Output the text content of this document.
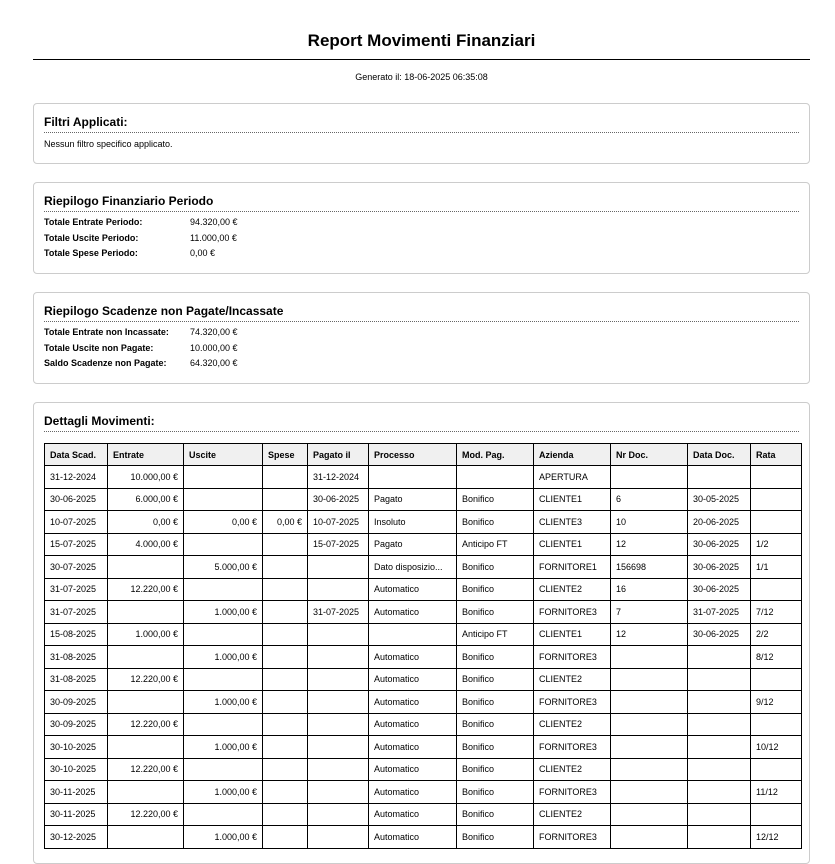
Report Movimenti Finanziari
Generato il: 18-06-2025 06:35:08
Filtri Applicati:
Nessun filtro specifico applicato.
Riepilogo Finanziario Periodo
Totale Entrate Periodo:	94.320,00 €
Totale Uscite Periodo:	11.000,00 €
Totale Spese Periodo:	0,00 €
Riepilogo Scadenze non Pagate/Incassate
Totale Entrate non Incassate: 74.320,00 €
Totale Uscite non Pagate:	10.000,00 €
Saldo Scadenze non Pagate:	64.320,00 €
Dettagli Movimenti:
Data Scad.	Entrate	Uscite	Spese	Pagato il	Processo	Mod. Pag.	Azienda	Nr Doc.	Data Doc.	Rata
31-12-2024	10.000,00 €			31-12-2024			APERTURA			
30-06-2025	6.000,00 €			30-06-2025	Pagato	Bonifico	CLIENTE1	6	30-05-2025	
10-07-2025	0,00 €	0,00 €	0,00 €	10-07-2025	Insoluto	Bonifico	CLIENTE3	10	20-06-2025	
15-07-2025	4.000,00 €			15-07-2025	Pagato	Anticipo FT	CLIENTE1	12	30-06-2025	1/2
30-07-2025		5.000,00 €			Dato disposizio...	Bonifico	FORNITORE1	156698	30-06-2025	1/1
31-07-2025	12.220,00 €				Automatico	Bonifico	CLIENTE2	16	30-06-2025	
31-07-2025		1.000,00 €		31-07-2025	Automatico	Bonifico	FORNITORE3	7	31-07-2025	7/12
15-08-2025	1.000,00 €					Anticipo FT	CLIENTE1	12	30-06-2025	2/2
31-08-2025		1.000,00 €			Automatico	Bonifico	FORNITORE3			8/12
31-08-2025	12.220,00 €				Automatico	Bonifico	CLIENTE2			
30-09-2025		1.000,00 €			Automatico	Bonifico	FORNITORE3			9/12
30-09-2025	12.220,00 €				Automatico	Bonifico	CLIENTE2			
30-10-2025		1.000,00 €			Automatico	Bonifico	FORNITORE3			10/12
30-10-2025	12.220,00 €				Automatico	Bonifico	CLIENTE2			
30-11-2025		1.000,00 €			Automatico	Bonifico	FORNITORE3			11/12
30-11-2025	12.220,00 €				Automatico	Bonifico	CLIENTE2			
30-12-2025		1.000,00 €			Automatico	Bonifico	FORNITORE3			12/12
